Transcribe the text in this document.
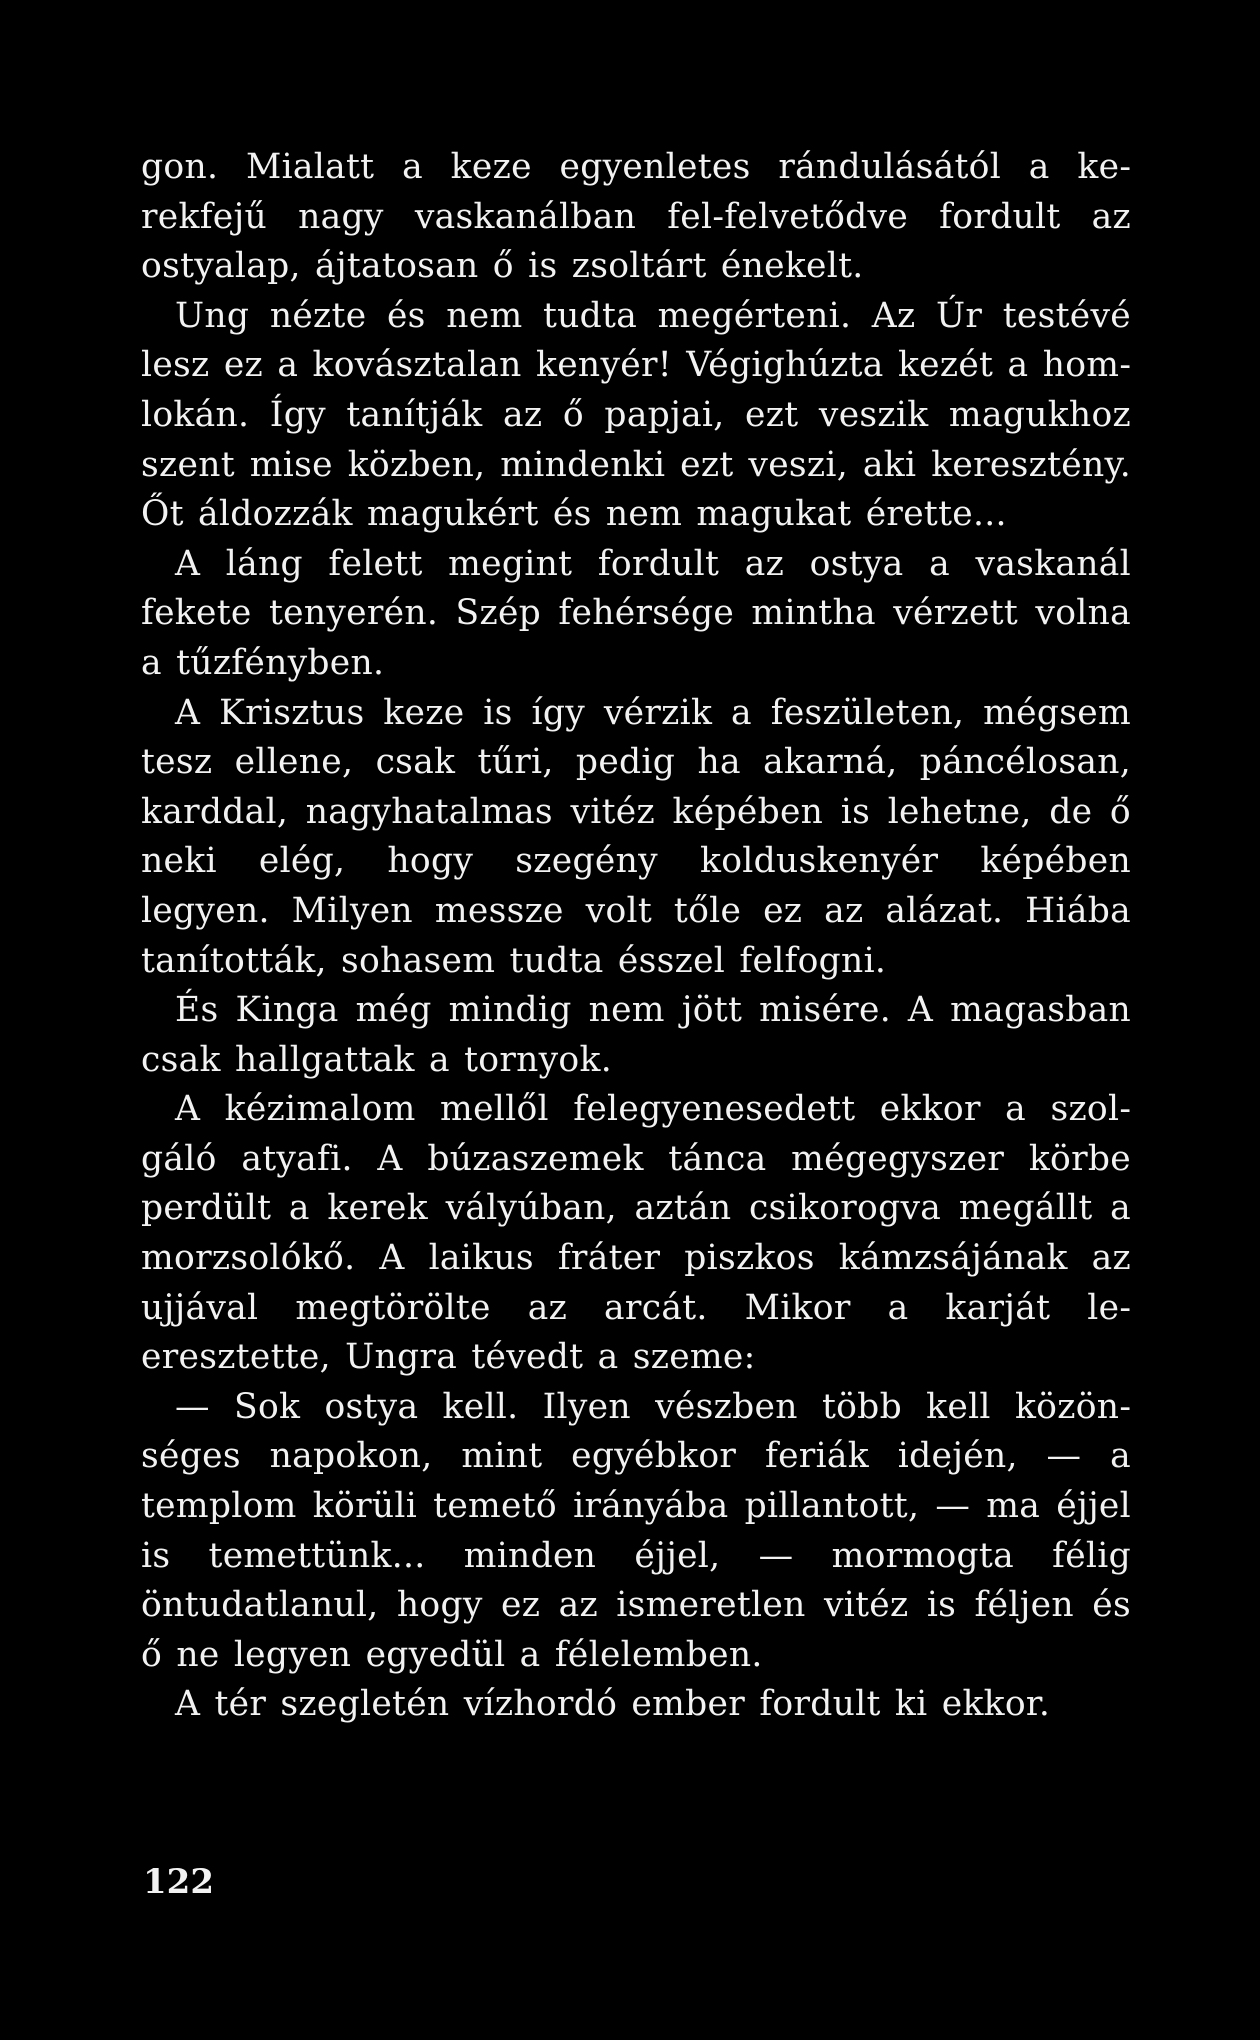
gon. Mialatt a keze egyenletes rándulásától a kerekfejű nagy vaskanálban fel-felvetődve fordult az ostyalap, ájtatosan ő is zsoltárt énekelt.

Ung nézte és nem tudta megérteni. Az Úr testévé lesz ez a kovásztalan kenyér! Végighúzta kezét a homlokán. Így tanítják az ő papjai, ezt veszik magukhoz szent mise közben, mindenki ezt veszi, aki keresztény. Őt áldozzák magukért és nem magukat érette...

A láng felett megint fordult az ostya a vaskanál fekete tenyerén. Szép fehérsége mintha vérzett volna a tűzfényben.

A Krisztus keze is így vérzik a feszületen, mégsem tesz ellene, csak tűri, pedig ha akarná, páncélosan, karddal, nagyhatalmas vitéz képében is lehetne, de ő neki elég, hogy szegény kolduskenyér képében legyen. Milyen messze volt tőle ez az alázat. Hiába tanították, sohasem tudta ésszel felfogni.

És Kinga még mindig nem jött misére. A magasban csak hallgattak a tornyok.

A kézimalom mellől felegyenesedett ekkor a szolgáló atyafi. A búzaszemek tánca mégegyszer körbe perdült a kerek vályúban, aztán csikorogva megállt a morzsolókő. A laikus fráter piszkos kámzsájának az ujjával megtörölte az arcát. Mikor a karját leeresztette, Ungra tévedt a szeme:

— Sok ostya kell. Ilyen vészben több kell közönséges napokon, mint egyébkor feriák idején, — a templom körüli temető irányába pillantott, — ma éjjel is temettünk... minden éjjel, — mormogta félig öntudatlanul, hogy ez az ismeretlen vitéz is féljen és ő ne legyen egyedül a félelemben.

A tér szegletén vízhordó ember fordult ki ekkor.

122
